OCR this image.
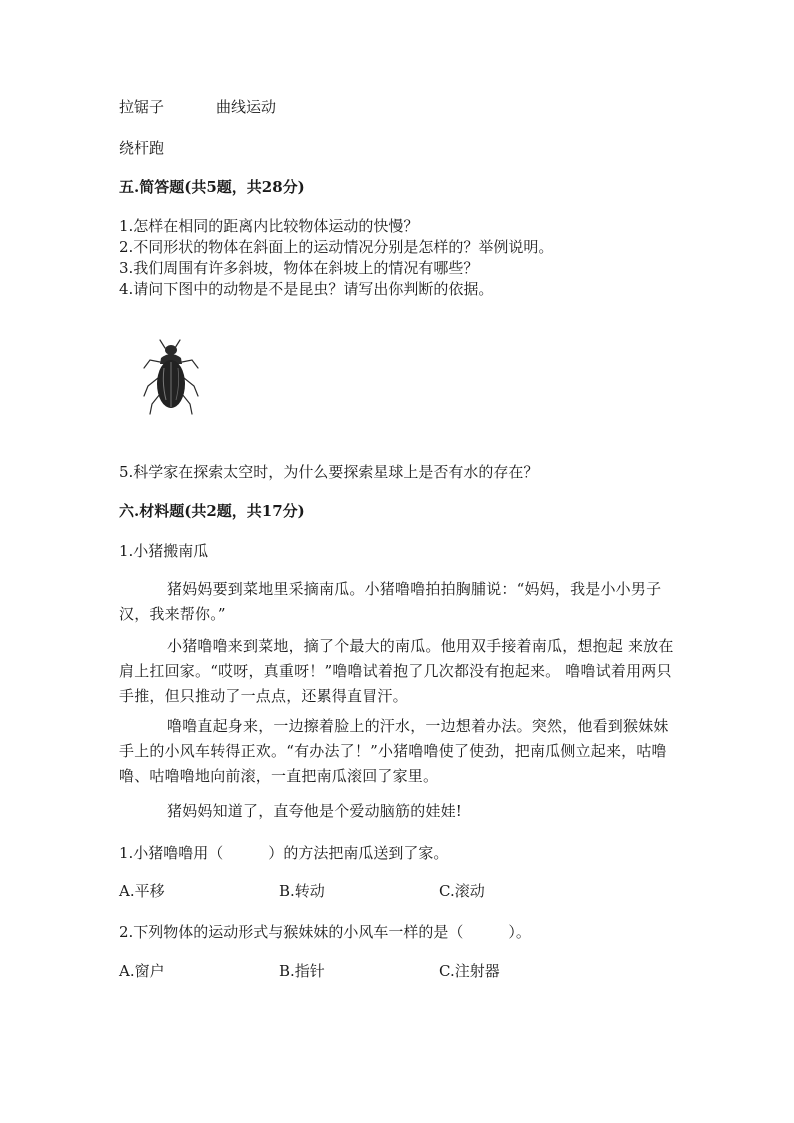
拉锯子	曲线运动
绕杆跑
五.简答题(共5题，共28分)
1.怎样在相同的距离内比较物体运动的快慢？
2.不同形状的物体在斜面上的运动情况分别是怎样的？举例说明。
3.我们周围有许多斜坡，物体在斜坡上的情况有哪些？
4.请问下图中的动物是不是昆虫？请写出你判断的依据。
5.科学家在探索太空时，为什么要探索星球上是否有水的存在？
六.材料题(共2题，共17分)
1.小猪搬南瓜
猪妈妈要到菜地里采摘南瓜。小猪噜噜拍拍胸脯说：“妈妈，我是小小男子汉，我来帮你。”
小猪噜噜来到菜地，摘了个最大的南瓜。他用双手接着南瓜，想抱起 来放在肩上扛回家。“哎呀，真重呀！”噜噜试着抱了几次都没有抱起来。 噜噜试着用两只手推，但只推动了一点点，还累得直冒汗。
噜噜直起身来，一边擦着脸上的汗水，一边想着办法。突然，他看到猴妹妹手上的小风车转得正欢。“有办法了！”小猪噜噜使了使劲，把南瓜侧立起来，咕噜噜、咕噜噜地向前滚，一直把南瓜滚回了家里。
猪妈妈知道了，直夸他是个爱动脑筋的娃娃!
1.小猪噜噜用（　　　）的方法把南瓜送到了家。
A.平移	B.转动	C.滚动
2.下列物体的运动形式与猴妹妹的小风车一样的是（　　　）。
A.窗户	B.指针	C.注射器
